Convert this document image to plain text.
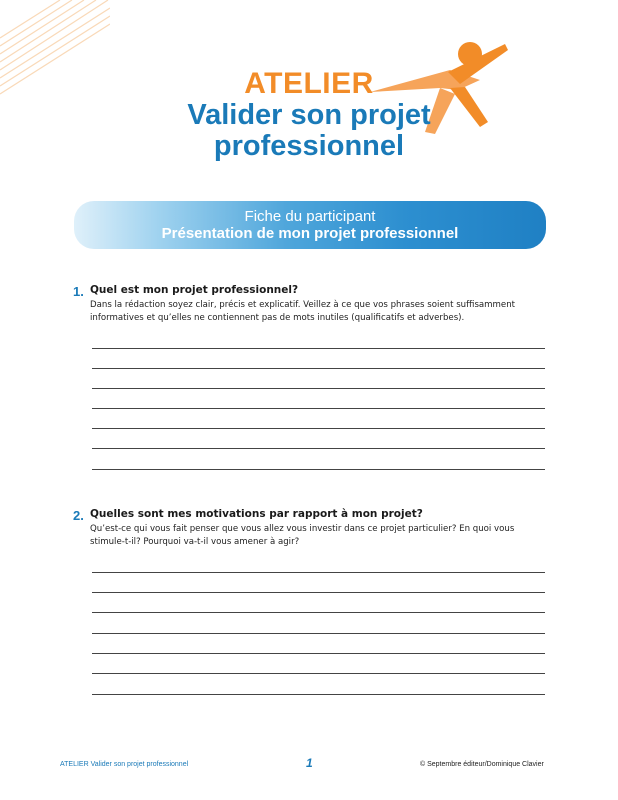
ATELIER
Valider son projet
professionnel
Fiche du participant
Présentation de mon projet professionnel
1. Quel est mon projet professionnel?
Dans la rédaction soyez clair, précis et explicatif. Veillez à ce que vos phrases soient suffisamment informatives et qu’elles ne contiennent pas de mots inutiles (qualificatifs et adverbes).
2. Quelles sont mes motivations par rapport à mon projet?
Qu’est-ce qui vous fait penser que vous allez vous investir dans ce projet particulier? En quoi vous stimule-t-il? Pourquoi va-t-il vous amener à agir?
ATELIER Valider son projet professionnel	1	© Septembre éditeur/Dominique Clavier
